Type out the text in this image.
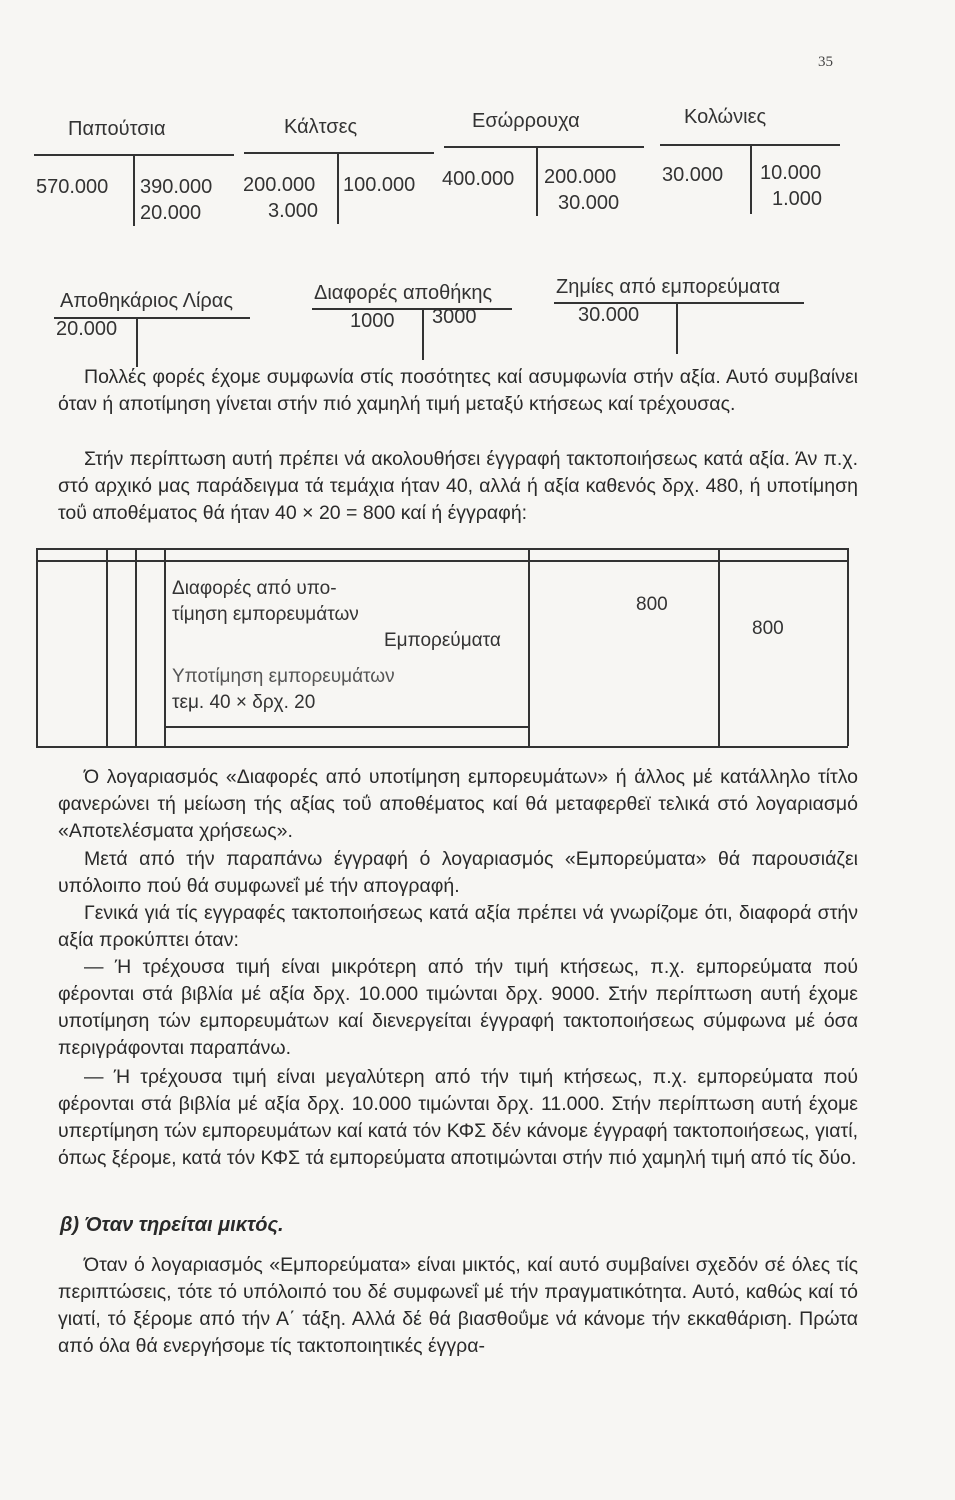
35
Παπούτσια
570.000 390.000
20.000
Κάλτσες
200.000
3.000
100.000
Εσώρρουχα
400.000 200.000
30.000
Κολώνιες
30.000 10.000
1.000
Αποθηκάριος Λίρας
20.000
Διαφορές αποθήκης
1000 3000
Ζημίες από εμπορεύματα
30.000

Πολλές φορές έχομε συμφωνία στίς ποσότητες καί ασυμφωνία στήν αξία. Αυτό συμβαίνει όταν ή αποτίμηση γίνεται στήν πιό χαμηλή τιμή μεταξύ κτήσεως καί τρέχουσας.

Στήν περίπτωση αυτή πρέπει νά ακολουθήσει έγγραφή τακτοποιήσεως κατά αξία. Άν π.χ. στό αρχικό μας παράδειγμα τά τεμάχια ήταν 40, αλλά ή αξία καθενός δρχ. 480, ή υποτίμηση τοΰ αποθέματος θά ήταν 40 × 20 = 800 καί ή έγγραφή:

Διαφορές από υπο-
τίμηση εμπορευμάτων
Εμπορεύματα
Υποτίμηση εμπορευμάτων
τεμ. 40 × δρχ. 20
800
800

Ό λογαριασμός «Διαφορές από υποτίμηση εμπορευμάτων» ή άλλος μέ κατάλληλο τίτλο φανερώνει τή μείωση τής αξίας τοΰ αποθέματος καί θά μεταφερθεϊ τελικά στό λογαριασμό «Αποτελέσματα χρήσεως».

Μετά από τήν παραπάνω έγγραφή ό λογαριασμός «Εμπορεύματα» θά παρουσιάζει υπόλοιπο πού θά συμφωνεΐ μέ τήν απογραφή.

Γενικά γιά τίς εγγραφές τακτοποιήσεως κατά αξία πρέπει νά γνωρίζομε ότι, διαφορά στήν αξία προκύπτει όταν:

— Ή τρέχουσα τιμή είναι μικρότερη από τήν τιμή κτήσεως, π.χ. εμπορεύματα πού φέρονται στά βιβλία μέ αξία δρχ. 10.000 τιμώνται δρχ. 9000. Στήν περίπτωση αυτή έχομε υποτίμηση τών εμπορευμάτων καί διενεργείται έγγραφή τακτοποιήσεως σύμφωνα μέ όσα περιγράφονται παραπάνω.

— Ή τρέχουσα τιμή είναι μεγαλύτερη από τήν τιμή κτήσεως, π.χ. εμπορεύματα πού φέρονται στά βιβλία μέ αξία δρχ. 10.000 τιμώνται δρχ. 11.000. Στήν περίπτωση αυτή έχομε υπερτίμηση τών εμπορευμάτων καί κατά τόν ΚΦΣ δέν κάνομε έγγραφή τακτοποιήσεως, γιατί, όπως ξέρομε, κατά τόν ΚΦΣ τά εμπορεύματα αποτιμώνται στήν πιό χαμηλή τιμή από τίς δύο.

β) Όταν τηρείται μικτός.

Όταν ό λογαριασμός «Εμπορεύματα» είναι μικτός, καί αυτό συμβαίνει σχεδόν σέ όλες τίς περιπτώσεις, τότε τό υπόλοιπό του δέ συμφωνεΐ μέ τήν πραγματικότητα. Αυτό, καθώς καί τό γιατί, τό ξέρομε από τήν Α΄ τάξη. Αλλά δέ θά βιασθοΰμε νά κάνομε τήν εκκαθάριση. Πρώτα από όλα θά ενεργήσομε τίς τακτοποιητικές έγγρα-
